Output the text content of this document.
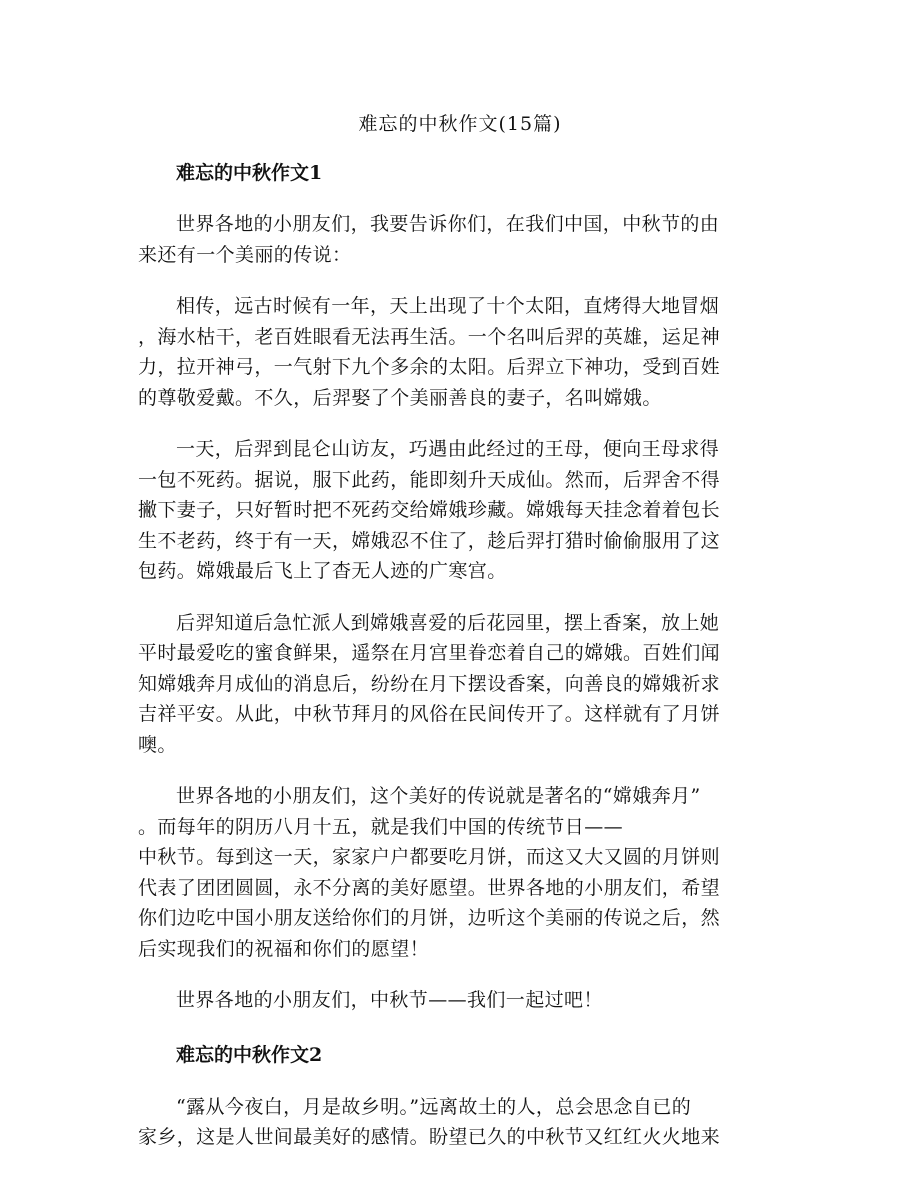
难忘的中秋作文(15篇)

难忘的中秋作文1

世界各地的小朋友们，我要告诉你们，在我们中国，中秋节的由
来还有一个美丽的传说：

相传，远古时候有一年，天上出现了十个太阳，直烤得大地冒烟
，海水枯干，老百姓眼看无法再生活。一个名叫后羿的英雄，运足神
力，拉开神弓，一气射下九个多余的太阳。后羿立下神功，受到百姓
的尊敬爱戴。不久，后羿娶了个美丽善良的妻子，名叫嫦娥。

一天，后羿到昆仑山访友，巧遇由此经过的王母，便向王母求得
一包不死药。据说，服下此药，能即刻升天成仙。然而，后羿舍不得
撇下妻子，只好暂时把不死药交给嫦娥珍藏。嫦娥每天挂念着着包长
生不老药，终于有一天，嫦娥忍不住了，趁后羿打猎时偷偷服用了这
包药。嫦娥最后飞上了杳无人迹的广寒宫。

后羿知道后急忙派人到嫦娥喜爱的后花园里，摆上香案，放上她
平时最爱吃的蜜食鲜果，遥祭在月宫里眷恋着自己的嫦娥。百姓们闻
知嫦娥奔月成仙的消息后，纷纷在月下摆设香案，向善良的嫦娥祈求
吉祥平安。从此，中秋节拜月的风俗在民间传开了。这样就有了月饼
噢。

世界各地的小朋友们，这个美好的传说就是著名的“嫦娥奔月”
。而每年的阴历八月十五，就是我们中国的传统节日——
中秋节。每到这一天，家家户户都要吃月饼，而这又大又圆的月饼则
代表了团团圆圆，永不分离的美好愿望。世界各地的小朋友们，希望
你们边吃中国小朋友送给你们的月饼，边听这个美丽的传说之后，然
后实现我们的祝福和你们的愿望！

世界各地的小朋友们，中秋节——我们一起过吧！

难忘的中秋作文2

“露从今夜白，月是故乡明。”远离故土的人，总会思念自已的
家乡，这是人世间最美好的感情。盼望已久的中秋节又红红火火地来
